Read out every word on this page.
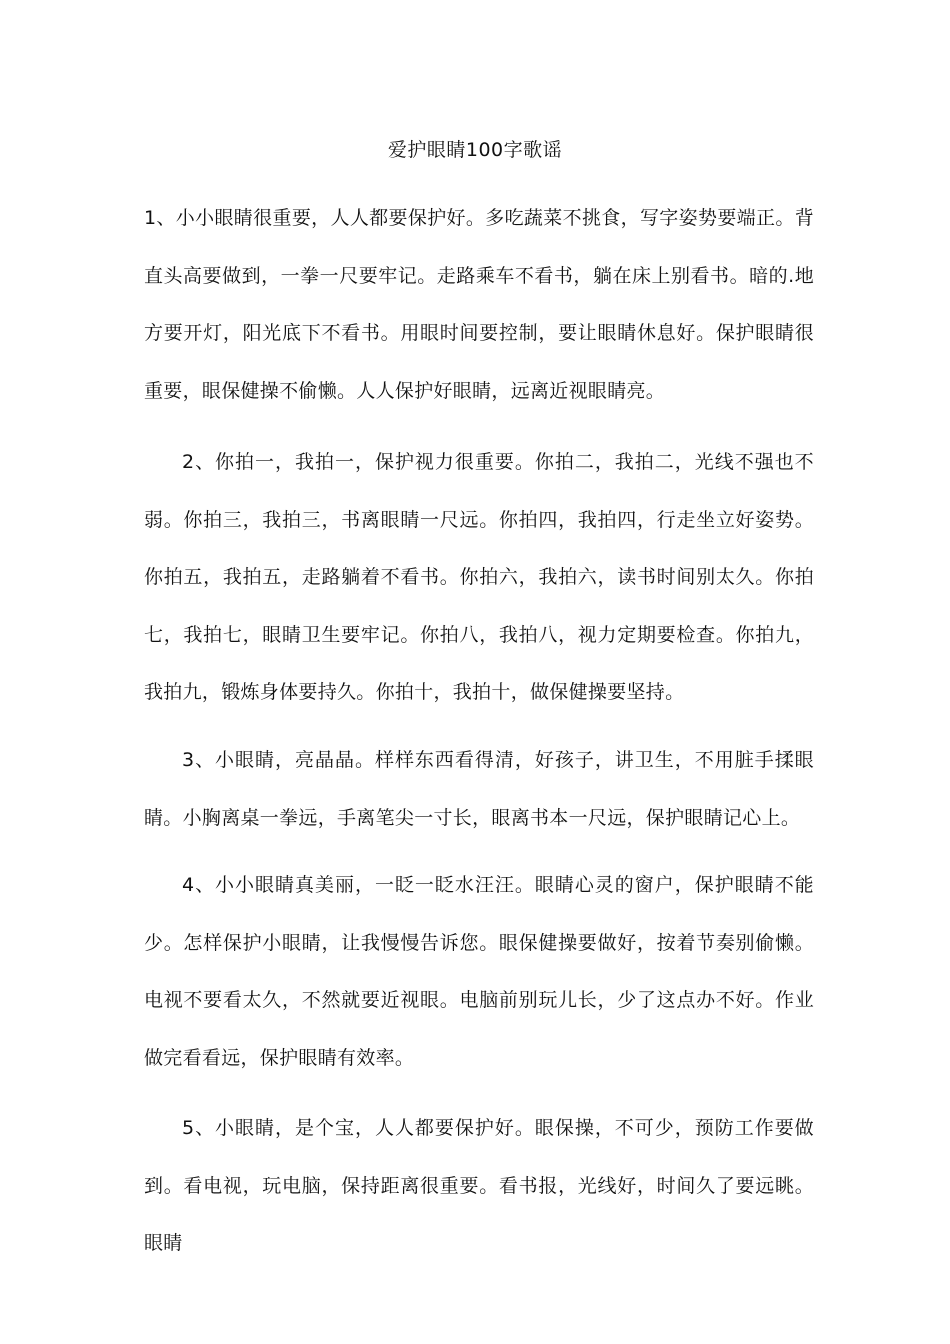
爱护眼睛100字歌谣

1、小小眼睛很重要，人人都要保护好。多吃蔬菜不挑食，写字姿势要端正。背直头高要做到，一拳一尺要牢记。走路乘车不看书，躺在床上别看书。暗的.地方要开灯，阳光底下不看书。用眼时间要控制，要让眼睛休息好。保护眼睛很重要，眼保健操不偷懒。人人保护好眼睛，远离近视眼睛亮。

2、你拍一，我拍一，保护视力很重要。你拍二，我拍二，光线不强也不弱。你拍三，我拍三，书离眼睛一尺远。你拍四，我拍四，行走坐立好姿势。你拍五，我拍五，走路躺着不看书。你拍六，我拍六，读书时间别太久。你拍七，我拍七，眼睛卫生要牢记。你拍八，我拍八，视力定期要检查。你拍九，我拍九，锻炼身体要持久。你拍十，我拍十，做保健操要坚持。

3、小眼睛，亮晶晶。样样东西看得清，好孩子，讲卫生，不用脏手揉眼睛。小胸离桌一拳远，手离笔尖一寸长，眼离书本一尺远，保护眼睛记心上。

4、小小眼睛真美丽，一眨一眨水汪汪。眼睛心灵的窗户，保护眼睛不能少。怎样保护小眼睛，让我慢慢告诉您。眼保健操要做好，按着节奏别偷懒。电视不要看太久，不然就要近视眼。电脑前别玩儿长，少了这点办不好。作业做完看看远，保护眼睛有效率。

5、小眼睛，是个宝，人人都要保护好。眼保操，不可少，预防工作要做到。看电视，玩电脑，保持距离很重要。看书报，光线好，时间久了要远眺。眼睛
